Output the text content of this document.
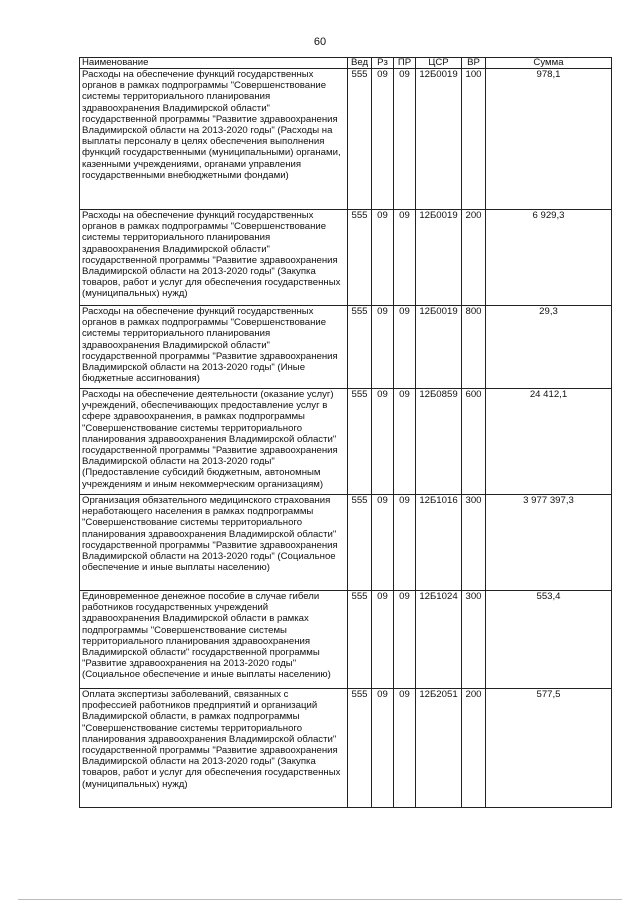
60
Наименование	Вед	Рз	ПР	ЦСР	ВР	Сумма
Расходы на обеспечение функций государственных органов в рамках подпрограммы "Совершенствование системы территориального планирования здравоохранения Владимирской области" государственной программы "Развитие здравоохранения Владимирской области на 2013-2020 годы" (Расходы на выплаты персоналу в целях обеспечения выполнения функций государственными (муниципальными) органами, казенными учреждениями, органами управления государственными внебюджетными фондами)	555	09	09	12Б0019	100	978,1
Расходы на обеспечение функций государственных органов в рамках подпрограммы "Совершенствование системы территориального планирования здравоохранения Владимирской области" государственной программы "Развитие здравоохранения Владимирской области на 2013-2020 годы" (Закупка товаров, работ и услуг для обеспечения государственных (муниципальных) нужд)	555	09	09	12Б0019	200	6 929,3
Расходы на обеспечение функций государственных органов в рамках подпрограммы "Совершенствование системы территориального планирования здравоохранения Владимирской области" государственной программы "Развитие здравоохранения Владимирской области на 2013-2020 годы" (Иные бюджетные ассигнования)	555	09	09	12Б0019	800	29,3
Расходы на обеспечение деятельности (оказание услуг) учреждений, обеспечивающих предоставление услуг в сфере здравоохранения, в рамках подпрограммы "Совершенствование системы территориального планирования здравоохранения Владимирской области" государственной программы "Развитие здравоохранения Владимирской области на 2013-2020 годы" (Предоставление субсидий бюджетным, автономным учреждениям и иным некоммерческим организациям)	555	09	09	12Б0859	600	24 412,1
Организация обязательного медицинского страхования неработающего населения в рамках подпрограммы "Совершенствование системы территориального планирования здравоохранения Владимирской области" государственной программы "Развитие здравоохранения Владимирской области на 2013-2020 годы" (Социальное обеспечение и иные выплаты населению)	555	09	09	12Б1016	300	3 977 397,3
Единовременное денежное пособие в случае гибели работников государственных учреждений здравоохранения Владимирской области в рамках подпрограммы "Совершенствование системы территориального планирования здравоохранения Владимирской области" государственной программы "Развитие здравоохранения на 2013-2020 годы" (Социальное обеспечение и иные выплаты населению)	555	09	09	12Б1024	300	553,4
Оплата экспертизы заболеваний, связанных с профессией работников предприятий и организаций Владимирской области, в рамках подпрограммы "Совершенствование системы территориального планирования здравоохранения Владимирской области" государственной программы "Развитие здравоохранения Владимирской области на 2013-2020 годы" (Закупка товаров, работ и услуг для обеспечения государственных (муниципальных) нужд)	555	09	09	12Б2051	200	577,5
